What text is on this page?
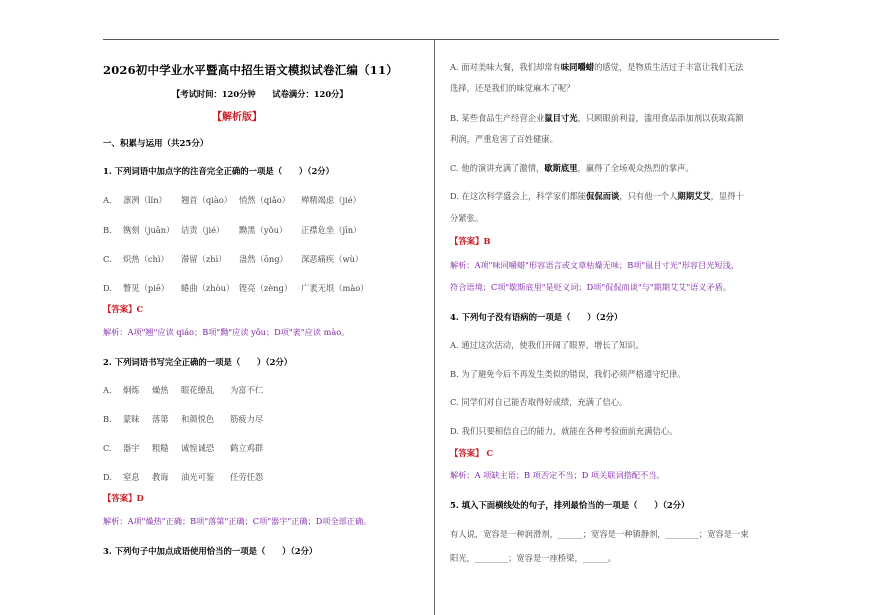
2026初中学业水平暨高中招生语文模拟试卷汇编（11）
【考试时间：120分钟　　试卷满分：120分】
【解析版】
一、积累与运用（共25分）
1. 下列词语中加点字的注音完全正确的一项是（　　）（2分）
A. 凛冽（lǐn） 翘首（qiào） 悄然（qiǎo） 殚精竭虑（jié）
B. 镌刻（juān） 诘责（jié） 黝黑（yǒu） 正襟危坐（jīn）
C. 炽热（chì） 滞留（zhì） 蛊然（ōng） 深恶痛疾（wù）
D. 瞥见（piē） 蜷曲（zhòu） 铿亮（zèng） 广袤无垠（mào）
【答案】C
解析：A项"翘"应读 qiáo；B项"黝"应读 yǒu；D项"袤"应读 mào。
2. 下列词语书写完全正确的一项是（　　）（2分）
A. 炯炼 燥热 眼花缭乱 为富不仁
B. 蒙昧 落第 和颜悦色 筋疲力尽
C. 器宇 粗糙 诚惶诚恐 鹤立鸡群
D. 窒息 教诲 油光可鉴 任劳任怨
【答案】D
解析：A项"燥热"正确；B项"落第"正确；C项"器宇"正确；D项全部正确。
3. 下列句子中加点成语使用恰当的一项是（　　）（2分）
A. 面对美味大餐，我们却常有味同嚼蜡的感觉，是物质生活过于丰富让我们无法
选择，还是我们的味觉麻木了呢？
B. 某些食品生产经营企业鼠目寸光，只顾眼前利益，滥用食品添加剂以获取高额
利润，严重危害了百姓健康。
C. 他的演讲充满了激情，歇斯底里，赢得了全场观众热烈的掌声。
D. 在这次科学盛会上，科学家们都能侃侃而谈，只有他一个人期期艾艾，显得十
分紧张。
【答案】B
解析：A项"味同嚼蜡"形容语言或文章枯燥无味；B项"鼠目寸光"形容目光短浅，
符合语境；C项"歇斯底里"是贬义词；D项"侃侃而谈"与"期期艾艾"语义矛盾。
4. 下列句子没有语病的一项是（　　）（2分）
A. 通过这次活动，使我们开阔了眼界，增长了知识。
B. 为了避免今后不再发生类似的错误，我们必须严格遵守纪律。
C. 同学们对自己能否取得好成绩，充满了信心。
D. 我们只要相信自己的能力，就能在各种考验面前充满信心。
【答案】 C
解析：A 项缺主语；B 项否定不当；D 项关联词搭配不当。
5. 填入下面横线处的句子，排列最恰当的一项是（　　）（2分）
有人说，宽容是一种润滑剂，______；宽容是一种镇静剂，________；宽容是一束
阳光，________；宽容是一座桥梁，______。
